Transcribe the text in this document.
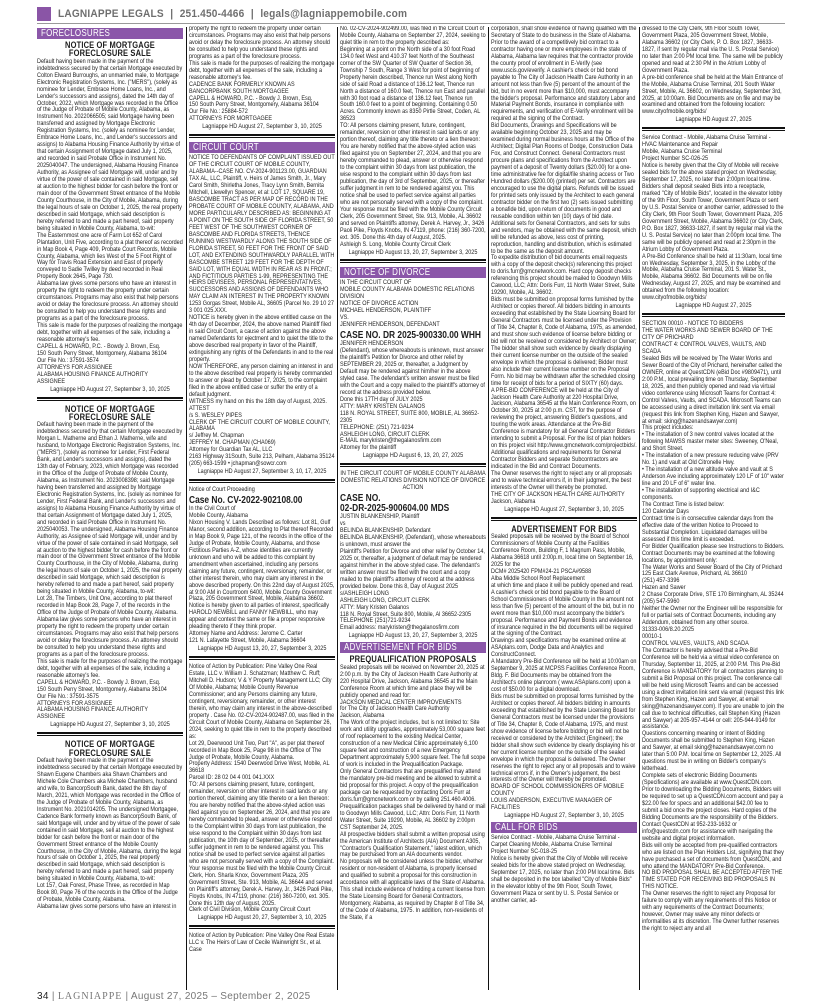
LAGNIAPPE LEGALS | 251.450-4466 | legals@lagniappemobile.com
FORECLOSURES
NOTICE OF MORTGAGE
FORECLOSURE SALE
Default having been made in the payment of the indebtedness secured by that certain Mortgage executed by Colton Elward Burroughs, an unmarried male, to Mortgage Electronic Registration Systems, Inc. ("MERS"), (solely as nominee for Lender, Embrace Home Loans, Inc., and Lender's successors and assigns), dated the 14th day of October, 2022, which Mortgage was recorded in the Office of the Judge of Probate of Mobile County, Alabama, as Instrument No. 2022066505; said Mortgage having been transferred and assigned by Mortgage Electronic Registration Systems, Inc. (solely as nominee for Lender, Embrace Home Loans, Inc., and Lender's successors and assigns) to Alabama Housing Finance Authority by virtue of that certain Assignment of Mortgage dated July 1, 2025, and recorded in said Probate Office in Instrument No. 2025040047. The undersigned, Alabama Housing Finance Authority, as Assignee of said Mortgage will, under and by virtue of the power of sale contained in said Mortgage, sell at auction to the highest bidder for cash before the front or main door of the Government Street entrance of the Mobile County Courthouse, in the City of Mobile, Alabama, during the legal hours of sale on October 1, 2025, the real property described in said Mortgage, which said description is hereby referred to and made a part hereof, said property being situated in Mobile County, Alabama, to-wit:
The Easternmost one acre of Farm Lot 652 of Carol Plantation, Unit Five, according to a plat thereof as recorded in Map Book 4, Page 409, Probate Court Records, Mobile County, Alabama, which lies West of the 5 Foot Right of Way for Travis Road Extension and East of property conveyed to Sadie Twilley by deed recorded in Real Property Book 2645, Page 730.
Alabama law gives some persons who have an interest in property the right to redeem the property under certain circumstances. Programs may also exist that help persons avoid or delay the foreclosure process. An attorney should be consulted to help you understand these rights and programs as a part of the foreclosure process.
This sale is made for the purposes of realizing the mortgage debt, together with all expenses of the sale, including a reasonable attorney's fee.
CAPELL & HOWARD, P.C. - Bowdy J. Brown, Esq.
150 South Perry Street, Montgomery, Alabama 36104
Our File No.: 37591-3574
ATTORNEYS FOR ASSIGNEE
ALABAMA HOUSING FINANCE AUTHORITY
ASSIGNEE
Lagniappe HD August 27, September 3, 10, 2025
NOTICE OF MORTGAGE
FORECLOSURE SALE
Default having been made in the payment of the indebtedness secured by that certain Mortgage executed by Morgan L. Matherne and Ethan J. Matherne, wife and husband, to Mortgage Electronic Registration Systems, Inc. ("MERS"), (solely as nominee for Lender, First Federal Bank, and Lender's successors and assigns), dated the 13th day of February, 2023, which Mortgage was recorded in the Office of the Judge of Probate of Mobile County, Alabama, as Instrument No. 2023008398; said Mortgage having been transferred and assigned by Mortgage Electronic Registration Systems, Inc. (solely as nominee for Lender, First Federal Bank, and Lender's successors and assigns) to Alabama Housing Finance Authority by virtue of that certain Assignment of Mortgage dated July 1, 2025, and recorded in said Probate Office in Instrument No. 2025040053. The undersigned, Alabama Housing Finance Authority, as Assignee of said Mortgage will, under and by virtue of the power of sale contained in said Mortgage, sell at auction to the highest bidder for cash before the front or main door of the Government Street entrance of the Mobile County Courthouse, in the City of Mobile, Alabama, during the legal hours of sale on October 1, 2025, the real property described in said Mortgage, which said description is hereby referred to and made a part hereof, said property being situated in Mobile County, Alabama, to-wit:
Lot 28, The Timbers, Unit One, according to plat thereof recorded in Map Book 28, Page 7, of the records in the Office of the Judge of Probate of Mobile County, Alabama.
Alabama law gives some persons who have an interest in property the right to redeem the property under certain circumstances. Programs may also exist that help persons avoid or delay the foreclosure process. An attorney should be consulted to help you understand these rights and programs as a part of the foreclosure process.
This sale is made for the purposes of realizing the mortgage debt, together with all expenses of the sale, including a reasonable attorney's fee.
CAPELL & HOWARD, P.C. - Bowdy J. Brown, Esq.
150 South Perry Street, Montgomery, Alabama 36104
Our File No.: 37591-3575
ATTORNEYS FOR ASSIGNEE
ALABAMA HOUSING FINANCE AUTHORITY
ASSIGNEE
Lagniappe HD August 27, September 3, 10, 2025
NOTICE OF MORTGAGE
FORECLOSURE SALE
Default having been made in the payment of the indebtedness secured by that certain Mortgage executed by Shawn Eugene Chambers aka Shawn Chambers and Michele Cole Chambers aka Michele Chambers, husband and wife, to BancorpSouth Bank, dated the 8th day of March, 2021, which Mortgage was recorded in the Office of the Judge of Probate of Mobile County, Alabama, as Instrument No. 2021014205. The undersigned Mortgagee, Cadence Bank formerly known as BancorpSouth Bank, of said Mortgage will, under and by virtue of the power of sale contained in said Mortgage, sell at auction to the highest bidder for cash before the front or main door of the Government Street entrance of the Mobile County Courthouse, in the City of Mobile, Alabama, during the legal hours of sale on October 1, 2025, the real property described in said Mortgage, which said description is hereby referred to and made a part hereof, said property being situated in Mobile County, Alabama, to-wit:
Lot 157, Oak Forest, Phase Three, as recorded in Map Book 80, Page 76 of the records in the Office of the Judge of Probate, Mobile County, Alabama.
Alabama law gives some persons who have an interest in
property the right to redeem the property under certain circumstances. Programs may also exist that help persons avoid or delay the foreclosure process. An attorney should be consulted to help you understand these rights and programs as a part of the foreclosure process.
This sale is made for the purposes of realizing the mortgage debt, together with all expenses of the sale, including a reasonable attorney's fee.
CADENCE BANK FORMERLY KNOWN AS BANCORPBANK SOUTH MORTGAGEE
CAPELL & HOWARD, P.C. - Bowdy J. Brown, Esq.
150 South Perry Street, Montgomery, Alabama 36104
Our File No.: 25884-572
ATTORNEYS FOR MORTGAGEE
Lagniappe HD August 27, September 3, 10, 2025
CIRCUIT COURT
NOTICE TO DEFENDANTS OF COMPLAINT ISSUED OUT OF THE CIRCUIT COURT OF MOBILE COUNTY, ALABAMA--CASE NO. CV-2024-901123.00, GUARDIAN TAX AL, LLC, Plaintiff, v. Heirs of James Smith, Jr., Mary Carol Smith, Shirletha Jones, Tracy Lynn Smith, Bernita Mitchell, Llewellyn Spencer, et al: LOT 17, SQUARE 19, BASCOMBE TRACT AS PER MAP OF RECORD IN THE PROBATE COURT OF MOBILE COUNTY, ALABAMA, AND MORE PARTICULARLY DESCRIBED AS: BEGINNING AT A POINT ON THE SOUTH SIDE OF FLORIDA STREET, 50 FEET WEST OF THE SOUTHWEST CORNER OF BASCOMBE AND FLORIDA STREETS, THENCE RUNNING WESTWARDLY ALONG THE SOUTH SIDE OF FLORIDA STREET, 50 FEET FOR THE FRONT OF SAID LOT, AND EXTENDING SOUTHWARDLY PARALLEL WITH BASCOMBE STREET 129 FEET FOR THE DEPTH OF SAID LOT, WITH EQUAL WIDTH IN REAR AS IN FRONT.; AND FICTITIOUS PARTIES 1-99, REPRESENTING THE HEIRS DEVISEES, PERSONAL REPRESENTATIVES, SUCCESSORS AND ASSIGNS OF DEFENDANTS WHO MAY CLAIM AN INTEREST IN THE PROPERTY KNOWN 1253 Gorgas Street, Mobile AL, 36605 (Parcel No. 29 10 27 3 001 025.XXX.
NOTICE is hereby given in the above entitled cause on the 4th day of December, 2024, the above named Plaintiff filed in said Circuit Court, a cause of action against the above named Defendants for ejectment and to quiet the title to the above described real property in favor of the Plaintiff, extinguishing any rights of the Defendants in and to the real property.
NOW THEREFORE, any person claiming an interest in and to the above described real property is hereby commanded to answer or plead by October 17, 2025, to the complaint filed in the above entitled case or suffer the entry of a default judgment.
WITNESS my hand on this the 18th day of August, 2025.
ATTEST
/s S. WESLEY PIPES
CLERK OF THE CIRCUIT COURT OF MOBILE COUNTY, ALABAMA
s/ Jeffrey M. Chapman
JEFFREY M. CHAPMAN (CHA069)
Attorney for Guardian Tax AL, LLC
2163 Highway 31South, Suite 213, Pelham, Alabama 35124
(205) 663-1599 • jchapman@sowcr.com
Lagniappe HD August 27, September 3, 10, 17, 2025
Notice of Court Proceeding
Case No. CV-2022-902108.00
In the Civil Court of
Mobile County, Alabama
Nixon Housing V. Lands Described as follows: Lot 81, Gulf Manor, second addition, according to Plat thereof Recorded in Map Book 9, Page 121, of the records in the office of the Judge of Probate, Mobile County, Alabama, and those Fictitious Parties A-Z, whose identities are currently unknown and who will be added to this complaint by amendment when ascertained, including any persons claiming any future, contingent, reversionary, remainder, or other interest therein, who may claim any interest in the above described property. On this 22nd day of August 2025, at 9:00 AM in Courtroom 6400, Mobile County Government Plaza, 205 Government Street, Mobile, Alabama 36602. Notice is hereby given to all parties of interest, specifically HAROLD NEWBILL and FANNY NEWBILL, who may appear and contest the same or file a proper responsive pleading thereto if they think proper.
Attorney Name and Address: Jerome C. Carter
121 N. Lafayette Street, Mobile, Alabama 36604
Lagniappe HD August 13, 20, 27, September 3, 2025
Notice of Action by Publication: Pine Valley One Real Estate, LLC v. William J. Schatzman; Matthew C. Ruff; Mitchell D. Hudson; V & Y Property Management LLC; City Of Mobile, Alabama; Mobile County Revenue Commissioner; and any Persons claiming any future, contingent, reversionary, remainder, or other interest therein, who may claim any interest in the above-described property . Case No. 02-CV-2024-902487.00, was filed in the Circuit Court of Mobile County, Alabama on September 26, 2024, seeking to quiet title in rem to the property described as:
Lot 29, Deerwood Unit Two, Part "A", as per plat thereof recorded in Map Book 25, Page 98 in the Office of The Judge of Probate, Mobile County, Alabama.
Property Address: 1540 Deerwood Drive West, Mobile, AL 36618
Parcel ID: 28 02 04 4 001 041.XXX
TO: All persons claiming present, future, contingent, remainder, reversion or other interest in said lands or any portion thereof, claiming any title thereto or a lien thereon: You are hereby notified that the above-styled action was filed against you on September 26, 2024, and that you are hereby commanded to plead, answer or otherwise respond to the Complaint within 30 days from last publication, the wise respond to the Complaint within 30 days from last publication, the 10th day of September, 2025, or thereafter suffer judgment in rem to be rendered against you. This notice shall be used to perfect service against all parties who are not personally served with a copy of the Complaint. Your response must be filed with the Mobile County Circuit Clerk, Hon. Sharla Knox, Government Plaza, 205 Government Street, Ste. 913, Mobile, AL 36644 and served on Plaintiff's attorney, Derek A. Harvey, Jr., 3426 Paoli Pike, Floyds Knobs, IN 47119, phone: (216) 360-7200, ext. 305. Done this 12th day of August, 2025.
Clerk of Civil Division, Mobile County Circuit Court
Lagniappe HD August 20, 27, September 3, 10, 2025
Notice of Action by Publication: Pine Valley One Real Estate LLC v. The Heirs of Law of Cecile Wainwright Sr., et al. Case
No. 02-CV-2024-902499.00, was filed in the Circuit Court of Mobile County, Alabama on September 27, 2024, seeking to quiet title in rem to the property described as:
Beginning at a point on the North side of a 30 foot Road 134.0 feet West and 410.37 feet North of the Southeast corner of the SW Quarter of SW Quarter of Section 36, Township 7 South, Range 3 West for point of beginning of Property herein described, Thence run West along North side of said Road a distance of 136.12 feet, Thence run North a distance of 160.0 feet, Thence run East and parallel with 30 foot road a distance of 136.12 feet, Thence run South 160.0 feet to a point of beginning. Containing 0.50 Acres. Commonly known as 8350 Pirtle Street, Coden, AL 36523
TO: All persons claiming present, future, contingent, remainder, reversion or other interest in said lands or any portion thereof, claiming any title thereto or a lien thereon: You are hereby notified that the above-styled action was filed against you on September 27, 2024, and that you are hereby commanded to plead, answer or otherwise respond to the complaint within 30 days from last publication, the wise respond to the complaint within 30 days from last publication, the day of 3rd of September, 2025, or thereafter suffer judgment in rem to be rendered against you. This notice shall be used to perfect service against all parties who are not personally served with a copy of the complaint. Your response must be filed with the Mobile County Circuit Clerk, 205 Government Street, Ste. 913, Mobile, AL 36602 and served on Plaintiffs attorney, Derek A. Harvey, Jr., 3426 Paoli Pike, Floyds Knobs, IN 47119, phone: (216) 360-7200, ext. 305. Done this 4th day of August, 2025.
Ashleigh S. Long, Mobile County Circuit Clerk
Lagniappe HD August 13, 20, 27, September 3, 2025
NOTICE OF DIVORCE
IN THE CIRCUIT COURT OF
MOBILE COUNTY ALABAMA DOMESTIC RELATIONS DIVISION
NOTICE OF DIVORCE ACTION
MICHAEL HENDERSON, PLAINTIFF
VS.
JENNIFER HENDERSON, DEFENDANT
CASE NO. DR 2025-900330.00 WHH
JENNIFER HENDERSON
(Defendant), whose whereabouts is unknown, must answer the plaintiff's Petition for Divorce and other relief by SEPTEMBER 29, 2025 or, thereafter, a Judgment by Default may be rendered against him/her in the above styled case. The defendant's written answer must be filed with the Court and a copy mailed to the plaintiff's attorney of record at the address provided below.
Done this 17TH day of JULY 2025
ATTY: MARY KRISTEN GALANOS
118 N. ROYAL STREET, SUITE 800, MOBILE, AL 36652-2305
TELEPHONE: (251) 721-9234
ASHLEIGH LONG, CIRCUIT CLERK
E-MAIL marykristen@thegalanosfirm.com
Attorney for the plaintiff
Lagniappe HD August 6, 13, 20, 27, 2025
IN THE CIRCUIT COURT OF MOBILE COUNTY ALABAMA DOMESTIC RELATIONS DIVISION NOTICE OF DIVORCE ACTION
CASE NO.
02-DR-2025-900604.00 MDS
JUSTIN BLANKENSHIP, Plaintiff
vs
BELINDA BLANKENSHIP, Defendant
BELINDA BLANKENSHIP, (Defendant), whose whereabouts is unknown, must answer the
Plaintiff's Petition for Divorce and other relief by October 14, 2025 or, thereafter, a judgment of default may be rendered against him/her in the above styled case. The defendant's written answer must be filed with the court and a copy mailed to the plaintiff's attorney of record at the address provided below. Done this 8, Day of August 2025
s/ASHLEIGH LONG
ASHLEIGH LONG, CIRCUIT CLERK
ATTY: Mary Kristen Galanos
118 N. Royal Street, Suite 800, Mobile, Al 36652-2305
TELEPHONE (251)721-9234
Email address: marykristen@thegalanosfirm.com
Lagniappe HD August 13, 20, 27, September 3, 2025
ADVERTISEMENT FOR BIDS
PREQUALIFICATION PROPOSALS
Sealed proposals will be received on November 20, 2025 at 2:00 p.m. by the City of Jackson Health Care Authority at 220 Hospital Drive, Jackson, Alabama 36545 at the Main Conference Room at which time and place they will be publicly opened and read for:
JACKSON MEDICAL CENTER IMPROVEMENTS
for The City of Jackson Health Care Authority
Jackson, Alabama
The Work of the project includes, but is not limited to: Site work and utility upgrades, approximately 53,000 square feet of roof replacement to the existing Medical Center, construction of a new Medical Clinic approximately 6,100 square feet and construction of a new Emergency Department approximately 5,900 square feet. The full scope of work is included in the Prequalification Package.
Only General Contractors that are prequalified may attend the mandatory pre-bid meeting and be allowed to submit a bid proposal for this project. A copy of the prequalification package can be requested by contacting Doris Furr at doris.furr@gmcnetwork.com or by calling 251.460.4006. Prequalification packages shall be delivered by hand or mail to Goodwyn Mills Cawood, LLC; Attn: Doris Furr, 11 North Water Street, Suite 19290, Mobile, AL 36602 by 2:00pm CST September 24, 2025.
All prospective bidders shall submit a written proposal using the American Institute of Architects (AIA) Document A305, "Contractor's Qualification Statement," latest edition, which may be purchased from an AIA documents vendor.
No proposals will be considered unless the bidder, whether resident or non-resident of Alabama, is properly licensed and qualified to submit a proposal for this construction in accordance with all applicable laws of the State of Alabama. This shall include evidence of holding a current license from the State Licensing Board for General Contractors, Montgomery, Alabama, as required by Chapter 8 of Title 34, of the Code of Alabama, 1975. In addition, non-residents of the State, if a
corporation, shall show evidence of having qualified with the Secretary of State to do business in the State of Alabama.
Prior to the award of a competitively bid contract to a contractor having one or more employees in the state of Alabama, Alabama law requires that the contractor provide the county proof of enrollment in E-Verify (see www.uscis.gov/everify. A cashier's check or bid bond payable to The City of Jackson Health Care Authority in an amount not less than five (5) percent of the amount of the bid, but in no event more than $10,000, must accompany the bidder's proposal. Performance and statutory Labor and Material Payment Bonds, insurance in compliance with requirements, and verification of E-Verify enrollment will be required at the signing of the Contract.
Bid Documents, Drawings and Specifications will be available beginning October 23, 2025 and may be examined during normal business hours at the Office of the Architect; Digital Plan Rooms of Dodge, Construction Data Fox, and Construct Connect. General Contractors must procure plans and specifications from the Architect upon payment of a deposit of Twenty dollars ($20.00) for a one-time administrative fee for digital/file sharing access or Two Hundred dollars ($200.00) (printed) per set. Contractors are encouraged to use the digital plans. Refunds will be issued for printed sets only issued by the Architect to each general contractor bidder on the first two (2) sets issued submitting a bonafide bid, upon return of documents in good and reusable condition within ten (10) days of bid date. Additional sets for General Contractors, and sets for subs and vendors, may be obtained with the same deposit, which will be refunded as above, less cost of printing, reproduction, handling and distribution, which is estimated to be the same as the deposit amount.
To expedite distribution of bid documents email requests with a copy of the deposit check(s) referencing this project to doris.furr@gmcnetwork.com. Hard copy deposit checks referencing this project should be mailed to Goodwyn Mills Cawood, LLC; Attn: Doris Furr, 11 North Water Street, Suite 19290, Mobile, AL 36602.
Bids must be submitted on proposal forms furnished by the Architect or copies thereof. All bidders bidding in amounts exceeding that established by the State Licensing Board for General Contractors must be licensed under the Provision of Title 34, Chapter 8, Code of Alabama, 1975, as amended, and must show such evidence of license before bidding or bid will not be received or considered by Architect or Owner; The bidder shall show such evidence by clearly displaying their current license number on the outside of the sealed envelope in which the proposal is delivered; Bidder must also include their current license number on the Proposal Form. No bid may be withdrawn after the scheduled closing time for receipt of bids for a period of SIXTY (60) days.
A PRE-BID CONFERENCE will be held at the City of Jackson Health Care Authority at 220 Hospital Drive, Jackson, Alabama 36545 at the Main Conference Room, on October 30, 2025 at 2:00 p.m. CST, for the purpose of reviewing the project, answering Bidder's questions, and touring the work areas. Attendance at the Pre-Bid Conference is mandatory for all General Contractor Bidders intending to submit a Proposal. For the list of plan holders on this project visit http://www.gmcnetwork.com/projectbids/.
Additional qualifications and requirements for General Contractor Bidders and separate Subcontractors are indicated in the Bid and Contract Documents.
The Owner reserves the right to reject any or all proposals and to waive technical errors if, in their judgment, the best interests of the Owner will thereby be promoted.
THE CITY OF JACKSON HEALTH CARE AUTHORITY
Jackson, Alabama
Lagniappe HD August 27, September 3, 10, 2025
ADVERTISEMENT FOR BIDS
Sealed proposals will be received by the Board of School Commissioners of Mobile County at the Facilities Conference Room, Building F, 1 Magnum Pass, Mobile, Alabama 36618 until 2:00p.m, local time on September 16, 2025 for the
DCM# 2025420 FPM#24-21 PSCA#9588
Alba Middle School Roof Replacement
at which time and place it will be publicly opened and read. A cashier's check or bid bond payable to the Board of School Commissioners of Mobile County in the amount not less than five (5) percent of the amount of the bid, but in no event more than $10,000 must accompany the bidder's proposal. Performance and Payment Bonds and evidence of insurance required in the bid documents will be required at the signing of the Contract.
Drawings and specifications may be examined online at ASAplans.com, Dodge Data and Analytics and ConstructConnect.
A Mandatory Pre-Bid Conference will be held at 10:00am on September 9, 2025 at MCPSS Facilities Conference Room, Bldg. F. Bid Documents may be obtained from the Architect's online planroom ( www.ASAplans.com) upon a cost of $50.00 for a digital download.
Bids must be submitted on proposal forms furnished by the Architect or copies thereof. All bidders bidding in amounts exceeding that established by the State Licensing Board for General Contractors must be licensed under the provisions of Title 34, Chapter 8, Code of Alabama, 1975, and must show evidence of license before bidding or bid will not be received or considered by the Architect (Engineer); the bidder shall show such evidence by clearly displaying his or her current license number on the outside of the sealed envelope in which the proposal is delivered. The Owner reserves the right to reject any or all proposals and to waive technical errors if, in the Owner's judgement, the best interests of the Owner will thereby be promoted.
BOARD OF SCHOOL COMMISSIONERS OF MOBILE COUNTY
LOUIS ANDERSON, EXECUTIVE MANAGER OF FACILITIES
Lagniappe HD August 27, September 3, 10, 2025
CALL FOR BIDS
Service Contract - Mobile, Alabama Cruise Terminal - Carpet Cleaning Mobile, Alabama Cruise Terminal
Project Number SC-018-25
Notice is hereby given that the City of Mobile will receive sealed bids for the above stated project on Wednesday, September 17, 2025, no later than 2:00 PM local time. Bids shall be deposited in the box labelled "City of Mobile Bids" in the elevator lobby of the 9th Floor, South Tower, Government Plaza or sent by U. S. Postal Service or another carrier, ad-
dressed to the City Clerk, 9th Floor South Tower, Government Plaza, 205 Government Street, Mobile, Alabama 36602 (or City Clerk, P. O. Box 1827, 36633-1827, if sent by regular mail via the U. S. Postal Service) no later than 2:00 PM local time. The same will be publicly opened and read at 2:30 PM in the Atrium Lobby of Government Plaza.
A pre-bid conference shall be held at the Main Entrance of the Mobile, Alabama Cruise Terminal, 201 South Water Street, Mobile, AL 36602, on Wednesday, September 3rd, 2025, at 10:00am. Bid Documents are on file and may be examined and obtained from the following location:
www.cityofmobile.org/bids/
Lagniappe HD August 27, 2025
Service Contract - Mobile, Alabama Cruise Terminal - HVAC Maintenance and Repair
Mobile, Alabama Cruise Terminal
Project Number SC-026-25
Notice is hereby given that the City of Mobile will receive sealed bids for the above stated project on Wednesday, September 17, 2025, no later than 2:00pm local time. Bidders shall deposit sealed Bids into a receptacle, marked "City of Mobile Bids", located in the elevator lobby of the 9th Floor, South Tower, Government Plaza or sent by U.S. Postal Service or another carrier, addressed to the City Clerk, 9th Floor South Tower, Government Plaza, 205 Government Street, Mobile, Alabama 36602 (or City Clerk, P.O. Box 1827, 36633-1827, if sent by regular mail via the U. S. Postal Service) no later than 2:00pm local time. The same will be publicly opened and read at 2:30pm in the Atrium Lobby of Government Plaza.
A Pre-Bid Conference shall be held at 11:30am, local time on Wednesday, September 3, 2025, in the Lobby of the Mobile, Alabama Cruise Terminal, 201 S. Water St., Mobile, Alabama 36602. Bid Documents will be on file Wednesday, August 27, 2025, and may be examined and obtained from the following location: www.cityofmobile.org/bids/
Lagniappe HD August 27, 2025
SECTION 00010 - NOTICE TO BIDDERS
THE WATER WORKS AND SEWER BOARD OF THE CITY OF PRICHARD
CONTRACT 4: CONTROL VALVES, VAULTS, AND SCADA
Sealed Bids will be received by The Water Works and Sewer Board of the City of Prichard, hereinafter called the OWNER, online at QuestCDN (eBid Doc #9809471), until 2:00 P.M., local prevailing time on Thursday, September 18, 2025, and then publicly opened and read via virtual video conference using Microsoft Teams for Contract 4: Control Valves, Vaults, and SCADA. Microsoft Teams can be accessed using a direct invitation link sent via email (request this link from Stephen King, Hazen and Sawyer, at email: sking@hazenandsawyer.com)
This project includes:
• The installation of 3 new control valves located at the following MAWSS master meter sites: Sweeney, O'Neal, and Short Street.
• The installation of a new pressure reducing valve (PRV No. 1) and vault at Old Citronelle Hwy.
• The installation of a new altitude valve and vault at S Anderson Ave including approximately 120 LF of 10" water line and 20 LF of 6" water line.
• The installation of supporting electrical and I&C components.
The Contract Time is listed below:
120 Calendar Days
Contract time is in consecutive calendar days from the effective date of the written Notice to Proceed to Substantial Completion. Liquidated damages will be assessed if this time limit is exceeded.
For Bidder Qualification please see Instructions to Bidders. Contract Documents may be examined at the following locations, by appointment only:
The Water Works and Sewer Board of the City of Prichard
125 East Clark Avenue, Prichard, AL 36610
(251) 457-3396
Hazen and Sawer
2 Chase Corporate Drive, STE 170 Birmingham, AL 35244
(205) 547-5960
Neither the Owner nor the Engineer will be responsible for full or partial sets of Contract Documents, including any Addendum, obtained from any other source.
31333-006/8.20.2025
00010-1
CONTROL VALVES, VAULTS, AND SCADA
The Contractor is hereby advised that a Pre-Bid Conference will be held via a virtual video conference on Thursday, September 11, 2025, at 2:00 P.M. This Pre-Bid Conference is MANDATORY for all contractors planning to submit a Bid Proposal on this project. The conference call will be held using Microsoft Teams and can be accessed using a direct invitation link sent via email (request this link from Stephen King, Hazen and Sawyer, at email sking@hazenandsawyer.com). If you are unable to join the call due to technical difficulties, call Stephen King (Hazen and Sawyer) at 205-957-4144 or cell: 205-944-9149 for assistance.
Questions concerning meaning or intent of Bidding Documents shall be submitted to Stephen King, Hazen and Sawyer, at email sking@hazenandsawyer.com no later than 5:00 P.M. local time on September 12, 2025. All questions must be in writing on Bidder's company's letterhead.
Complete sets of electronic Bidding Documents (Specifications) are available at www.QuestCDN.com. Prior to downloading the Bidding Documents, Bidders will be required to set up a QuestCDN.com account and pay a $22.00 fee for specs and an additional $42.00 fee to submit a bid once the project closes. Hard copies of the Bidding Documents are the responsibility of the Bidders. Contact QuestCDN at 952-233-1632 or info@questcdn.com for assistance with navigating the website and digital project information.
Bids will only be accepted from pre-qualified contractors who are listed on the Plan Holders List, signifying that they have purchased a set of documents from QuestCDN, and who attend the MANDATORY Pre-Bid Conference.
NO BID PROPOSAL SHALL BE ACCEPTED AFTER THE TIME STATED FOR RECEIVING BID PROPOSALS IN THIS NOTICE.
The Owner reserves the right to reject any Proposal for failure to comply with any requirements of this Notice or with any requirements of the Contract Documents; however, Owner may waive any minor defects or informalities at its discretion. The Owner further reserves the right to reject any and all
34 | LAGNIAPPE | August 27, 2025 – September 2, 2025
